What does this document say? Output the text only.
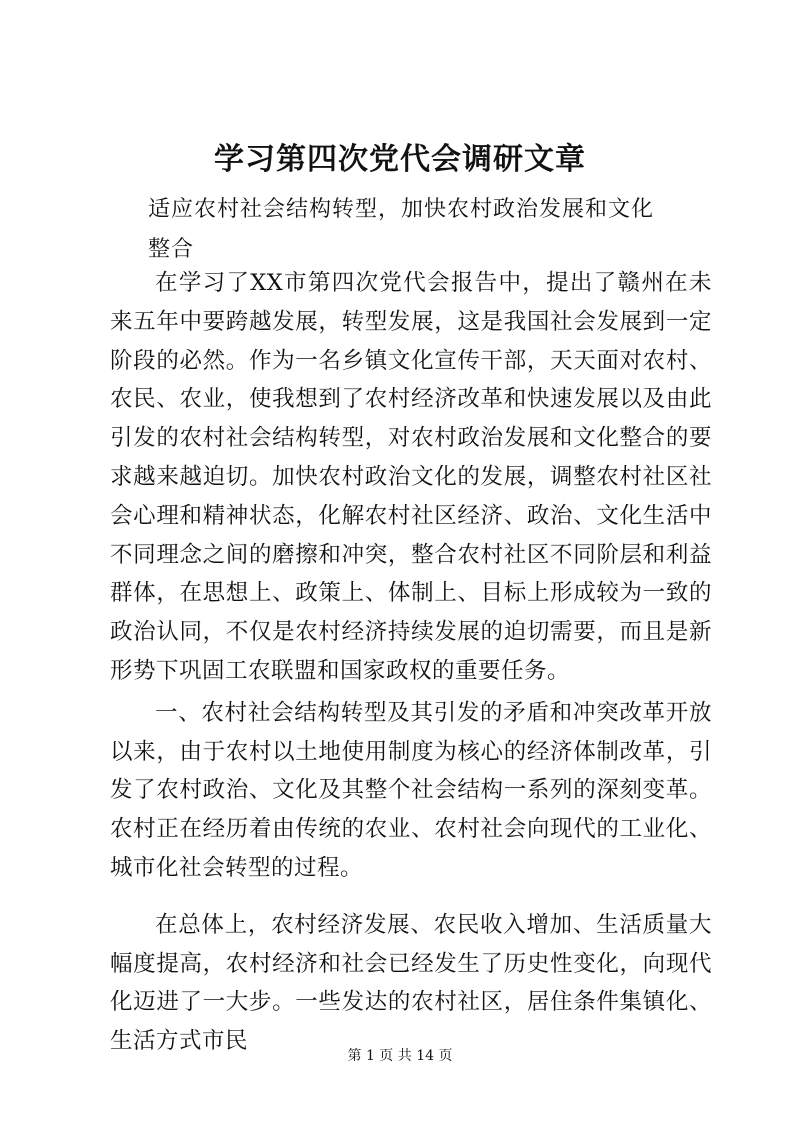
学习第四次党代会调研文章
适应农村社会结构转型，加快农村政治发展和文化整合

在学习了XX市第四次党代会报告中，提出了赣州在未来五年中要跨越发展，转型发展，这是我国社会发展到一定阶段的必然。作为一名乡镇文化宣传干部，天天面对农村、农民、农业，使我想到了农村经济改革和快速发展以及由此引发的农村社会结构转型，对农村政治发展和文化整合的要求越来越迫切。加快农村政治文化的发展，调整农村社区社会心理和精神状态，化解农村社区经济、政治、文化生活中不同理念之间的磨擦和冲突，整合农村社区不同阶层和利益群体，在思想上、政策上、体制上、目标上形成较为一致的政治认同，不仅是农村经济持续发展的迫切需要，而且是新形势下巩固工农联盟和国家政权的重要任务。

一、农村社会结构转型及其引发的矛盾和冲突改革开放以来，由于农村以土地使用制度为核心的经济体制改革，引发了农村政治、文化及其整个社会结构一系列的深刻变革。农村正在经历着由传统的农业、农村社会向现代的工业化、城市化社会转型的过程。

在总体上，农村经济发展、农民收入增加、生活质量大幅度提高，农村经济和社会已经发生了历史性变化，向现代化迈进了一大步。一些发达的农村社区，居住条件集镇化、生活方式市民

第 1 页 共 14 页
